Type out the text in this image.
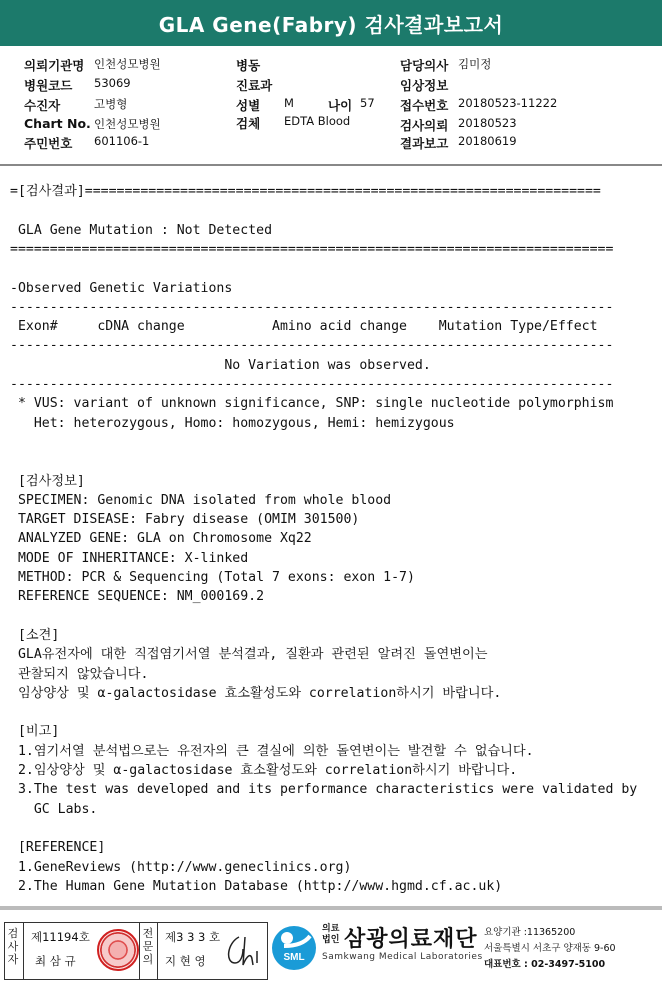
GLA Gene(Fabry) 검사결과보고서
의뢰기관명 인천성모병원
병원코드 53069
수진자	고병형
Chart No. 인천성모병원
주민번호 601106-1
병동
진료과
성별 M	나이 57
검체 EDTA Blood
담당의사 김미정
임상정보
접수번호 20180523-11222
검사의뢰 20180523
결과보고 20180619
=[검사결과]=================================================================
GLA Gene Mutation : Not Detected
============================================================================
-Observed Genetic Variations
----------------------------------------------------------------------------
Exon#     cDNA change           Amino acid change    Mutation Type/Effect
----------------------------------------------------------------------------
No Variation was observed.
----------------------------------------------------------------------------
* VUS: variant of unknown significance, SNP: single nucleotide polymorphism
Het: heterozygous, Homo: homozygous, Hemi: hemizygous
[검사정보]
SPECIMEN: Genomic DNA isolated from whole blood
TARGET DISEASE: Fabry disease (OMIM 301500)
ANALYZED GENE: GLA on Chromosome Xq22
MODE OF INHERITANCE: X-linked
METHOD: PCR & Sequencing (Total 7 exons: exon 1-7)
REFERENCE SEQUENCE: NM_000169.2
[소견]
GLA유전자에 대한 직접염기서열 분석결과, 질환과 관련된 알려진 돌연변이는
관찰되지 않았습니다.
임상양상 및 α-galactosidase 효소활성도와 correlation하시기 바랍니다.
[비고]
1.염기서열 분석법으로는 유전자의 큰 결실에 의한 돌연변이는 발견할 수 없습니다.
2.임상양상 및 α-galactosidase 효소활성도와 correlation하시기 바랍니다.
3.The test was developed and its performance characteristics were validated by
GC Labs.
[REFERENCE]
1.GeneReviews (http://www.geneclinics.org)
2.The Human Gene Mutation Database (http://www.hgmd.cf.ac.uk)
검사자
제11194호
최 삼 규
전문의
제3 3 3 호
지 현 영	SML
의료법인 삼광의료재단
Samkwang Medical Laboratories
요양기관 :11365200
서울특별시 서초구 양재동 9-60
대표번호 : 02-3497-5100
